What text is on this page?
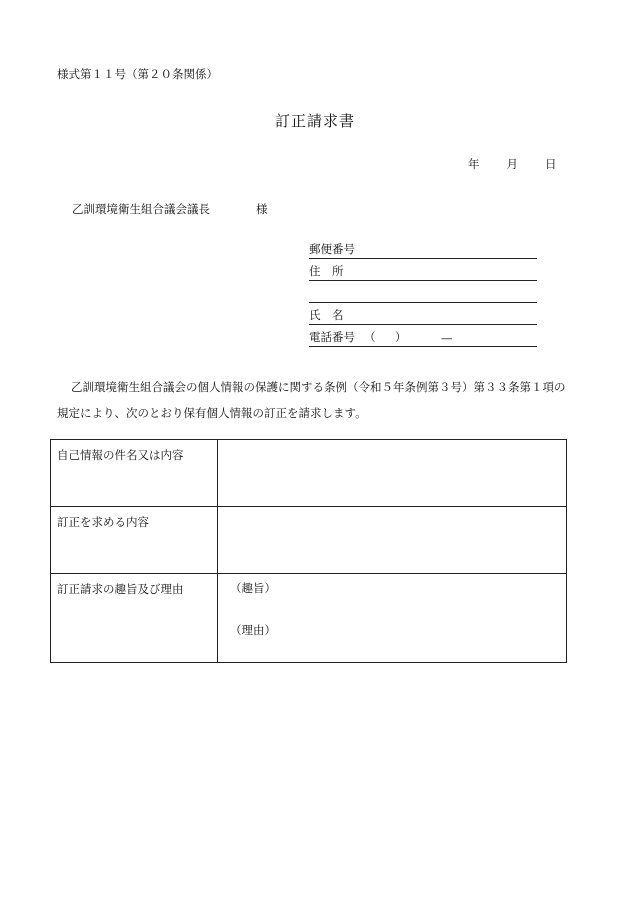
様式第１１号（第２０条関係）
訂正請求書
年 月 日
乙訓環境衛生組合議会議長	様
郵便番号
住　所
氏　名
電話番号 （ ）	—
乙訓環境衛生組合議会の個人情報の保護に関する条例（令和５年条例第３号）第３３条第１項の規定により、次のとおり保有個人情報の訂正を請求します。
自己情報の件名又は内容	
訂正を求める内容	
訂正請求の趣旨及び理由	（趣旨）
（理由）
